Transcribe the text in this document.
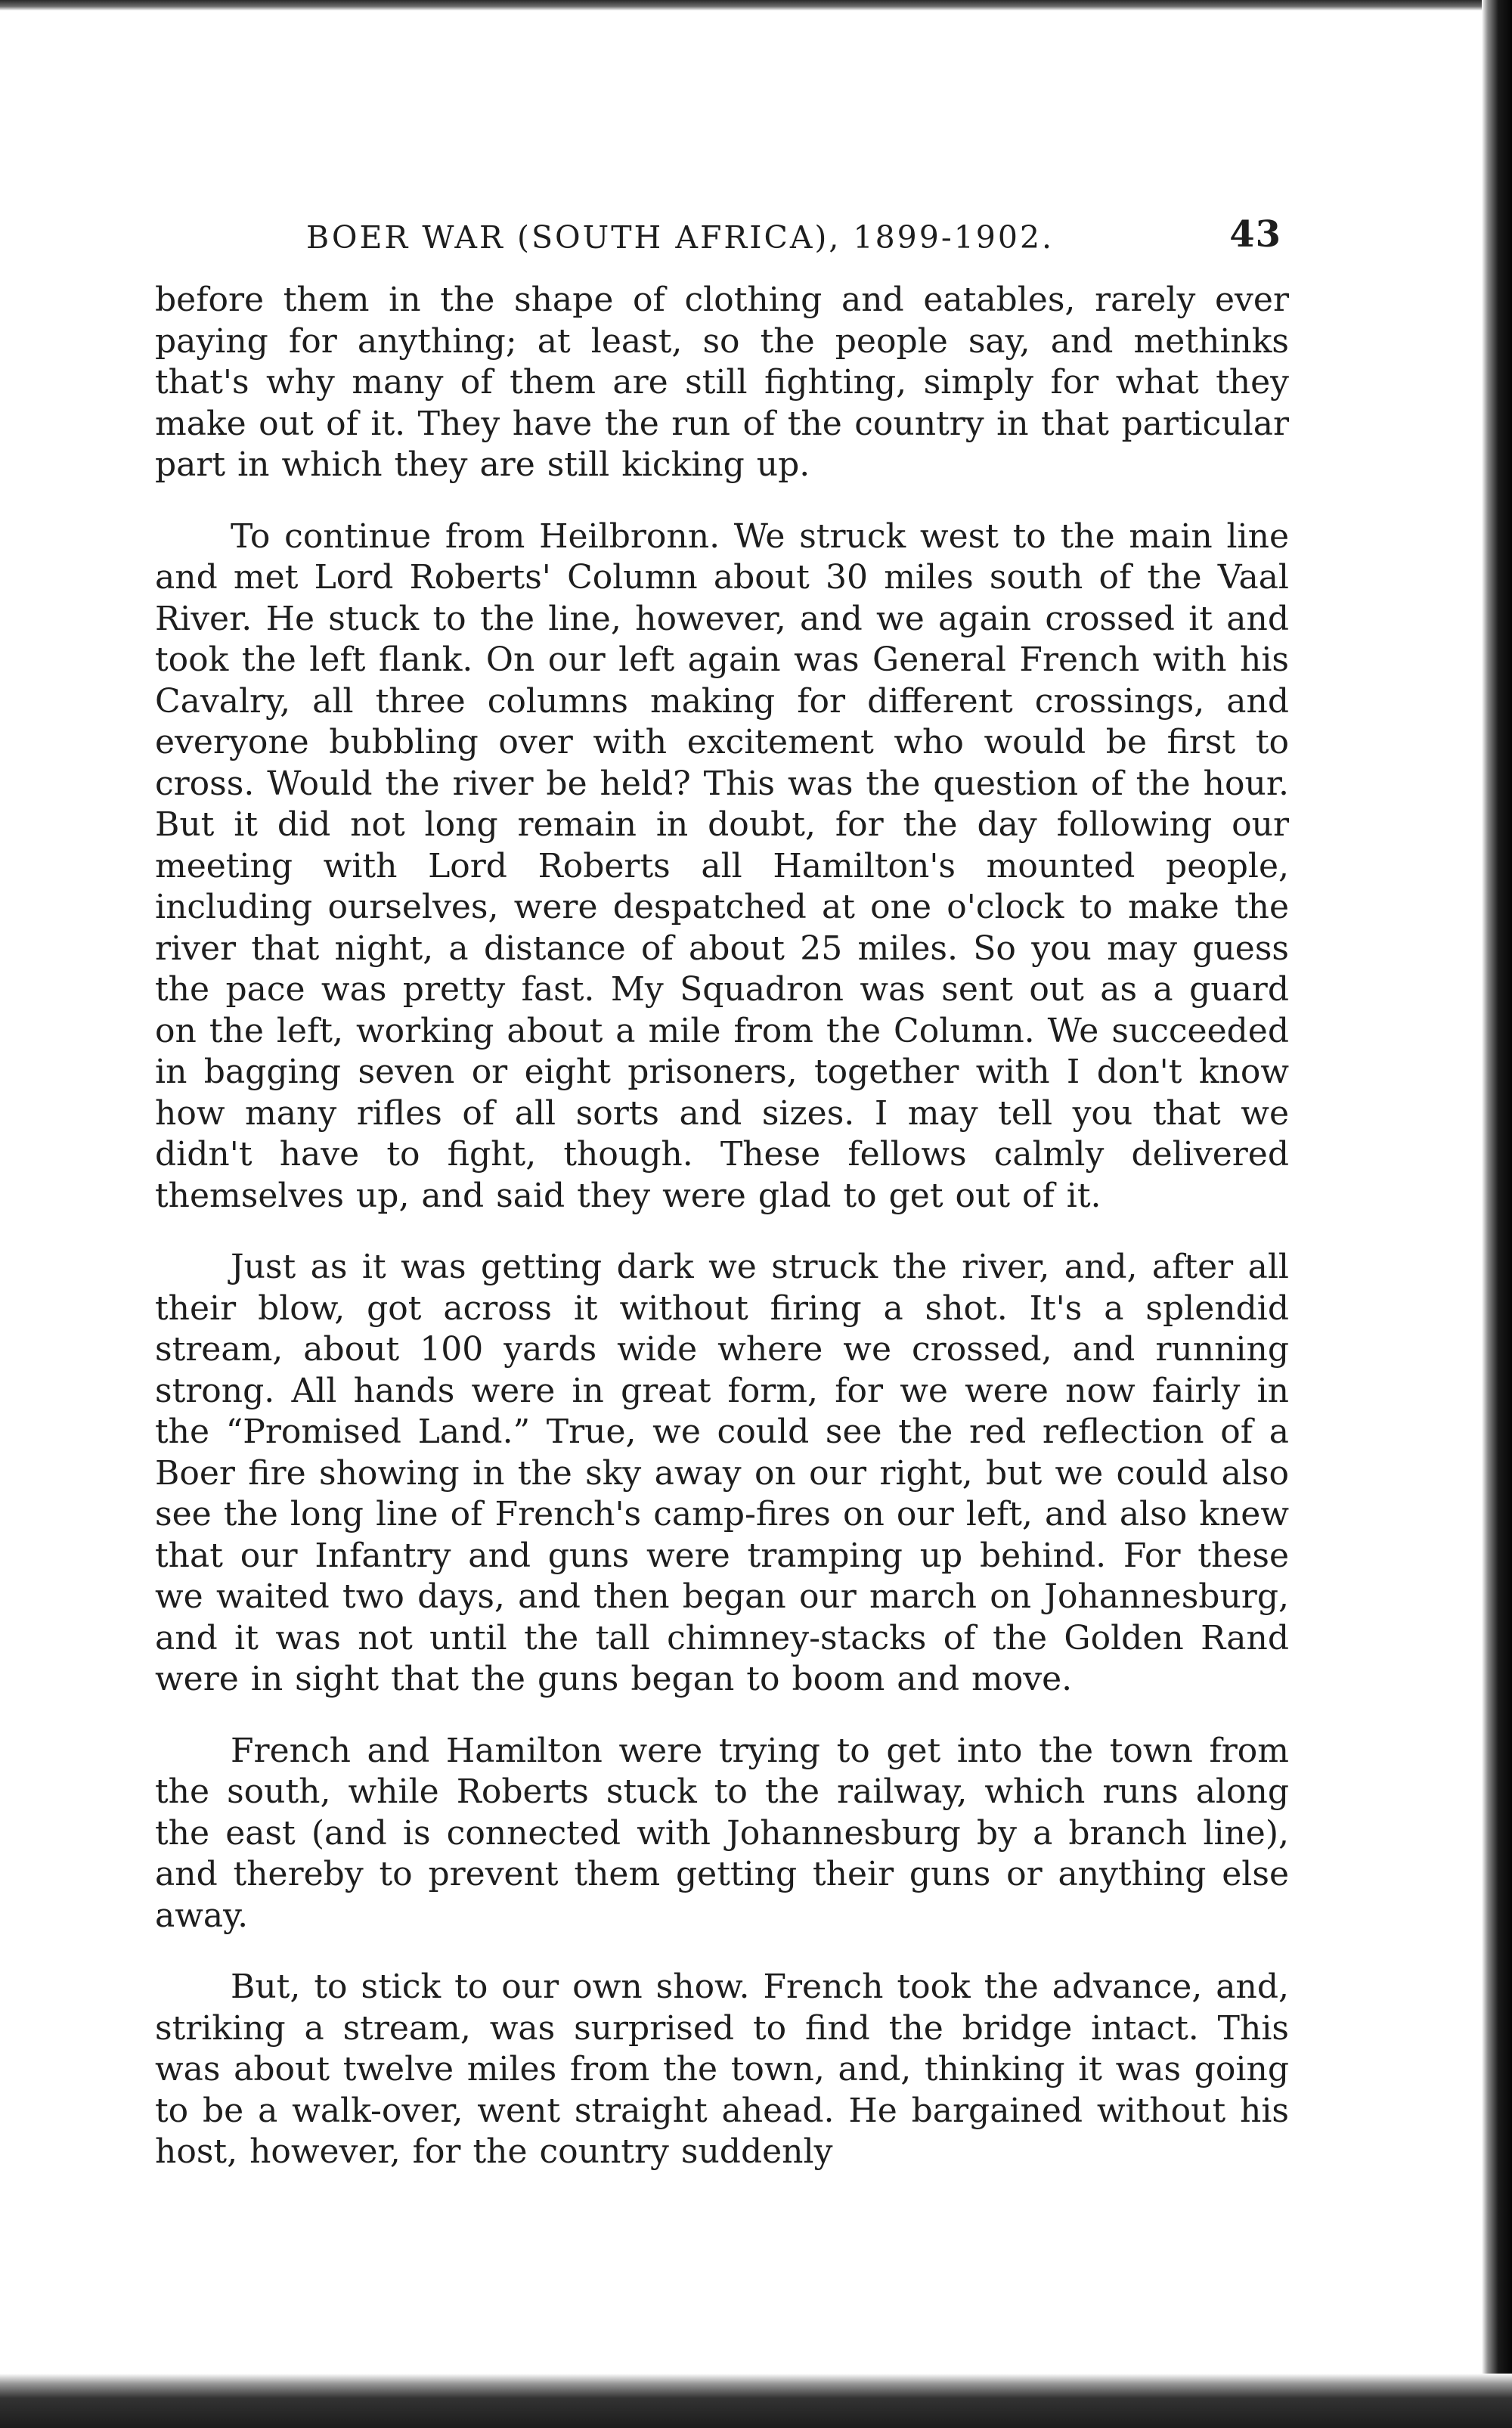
BOER WAR (SOUTH AFRICA), 1899-1902.	43

before them in the shape of clothing and eatables, rarely ever paying for anything; at least, so the people say, and methinks that's why many of them are still fighting, simply for what they make out of it. They have the run of the country in that particular part in which they are still kicking up.

To continue from Heilbronn. We struck west to the main line and met Lord Roberts' Column about 30 miles south of the Vaal River. He stuck to the line, however, and we again crossed it and took the left flank. On our left again was General French with his Cavalry, all three columns making for different crossings, and everyone bubbling over with excitement who would be first to cross. Would the river be held? This was the question of the hour. But it did not long remain in doubt, for the day following our meeting with Lord Roberts all Hamilton's mounted people, including ourselves, were despatched at one o'clock to make the river that night, a distance of about 25 miles. So you may guess the pace was pretty fast. My Squadron was sent out as a guard on the left, working about a mile from the Column. We succeeded in bagging seven or eight prisoners, together with I don't know how many rifles of all sorts and sizes. I may tell you that we didn't have to fight, though. These fellows calmly delivered themselves up, and said they were glad to get out of it.

Just as it was getting dark we struck the river, and, after all their blow, got across it without firing a shot. It's a splendid stream, about 100 yards wide where we crossed, and running strong. All hands were in great form, for we were now fairly in the “Promised Land.” True, we could see the red reflection of a Boer fire showing in the sky away on our right, but we could also see the long line of French's camp-fires on our left, and also knew that our Infantry and guns were tramping up behind. For these we waited two days, and then began our march on Johannesburg, and it was not until the tall chimney-stacks of the Golden Rand were in sight that the guns began to boom and move.

French and Hamilton were trying to get into the town from the south, while Roberts stuck to the railway, which runs along the east (and is connected with Johannesburg by a branch line), and thereby to prevent them getting their guns or anything else away.

But, to stick to our own show. French took the advance, and, striking a stream, was surprised to find the bridge intact. This was about twelve miles from the town, and, thinking it was going to be a walk-over, went straight ahead. He bargained without his host, however, for the country suddenly
